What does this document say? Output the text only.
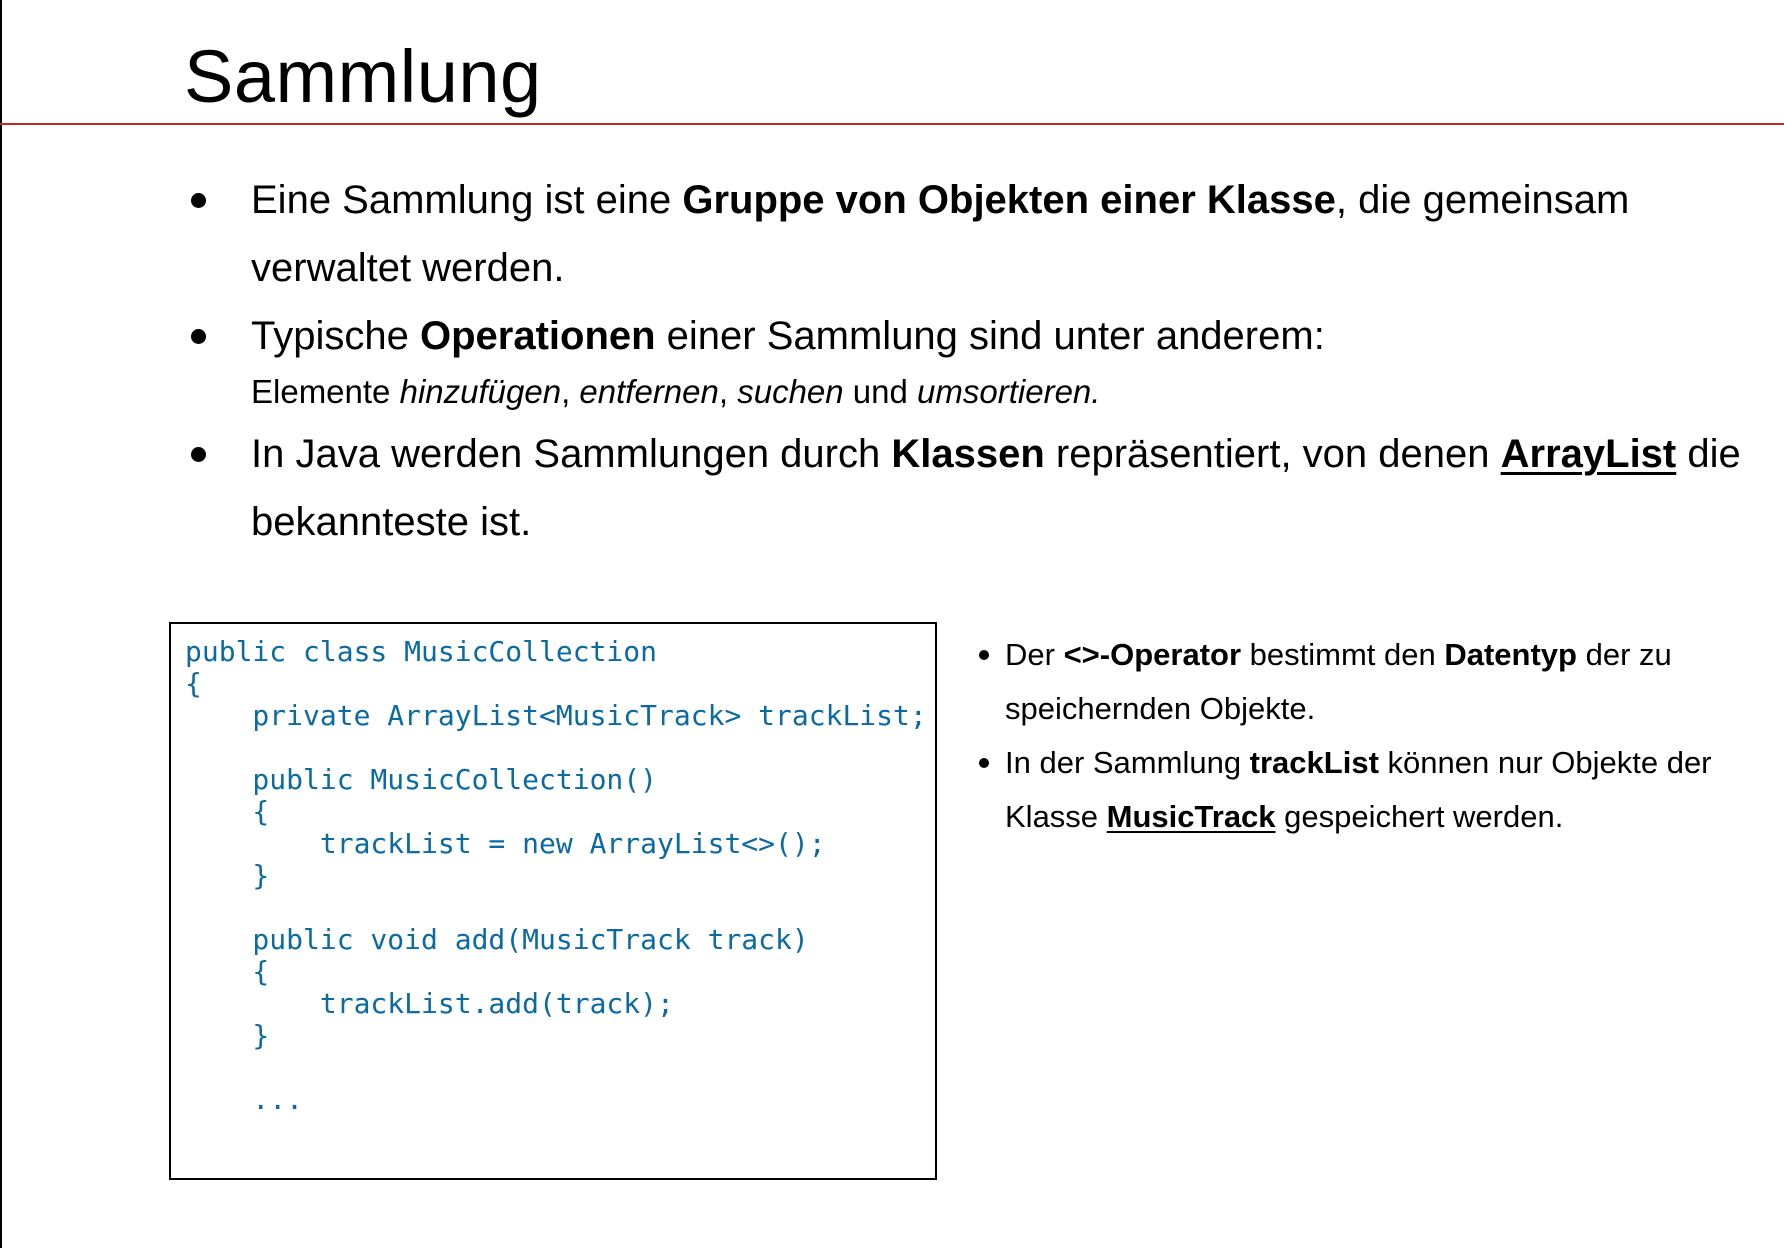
Sammlung
Eine Sammlung ist eine Gruppe von Objekten einer Klasse, die gemeinsam verwaltet werden.
Typische Operationen einer Sammlung sind unter anderem:
Elemente hinzufügen, entfernen, suchen und umsortieren.
In Java werden Sammlungen durch Klassen repräsentiert, von denen ArrayList die bekannteste ist.
public class MusicCollection
{
private ArrayList<MusicTrack> trackList;
public MusicCollection()
{
trackList = new ArrayList<>();
}
public void add(MusicTrack track)
{
trackList.add(track);
}
...
Der <>-Operator bestimmt den Datentyp der zu speichernden Objekte.
In der Sammlung trackList können nur Objekte der Klasse MusicTrack gespeichert werden.
